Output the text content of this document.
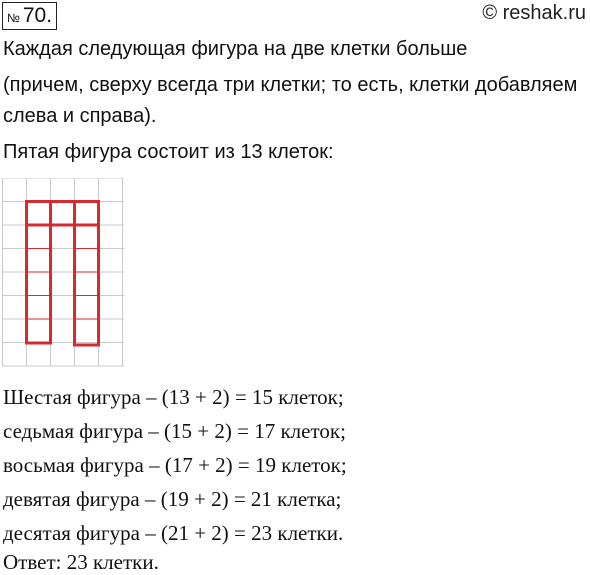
№ 70.	© reshak.ru
Каждая следующая фигура на две клетки больше
(причем, сверху всегда три клетки; то есть, клетки добавляем
слева и справа).
Пятая фигура состоит из 13 клеток:
Шестая фигура – (13 + 2) = 15 клеток;
седьмая фигура – (15 + 2) = 17 клеток;
восьмая фигура – (17 + 2) = 19 клеток;
девятая фигура – (19 + 2) = 21 клетка;
десятая фигура – (21 + 2) = 23 клетки.
Ответ: 23 клетки.
